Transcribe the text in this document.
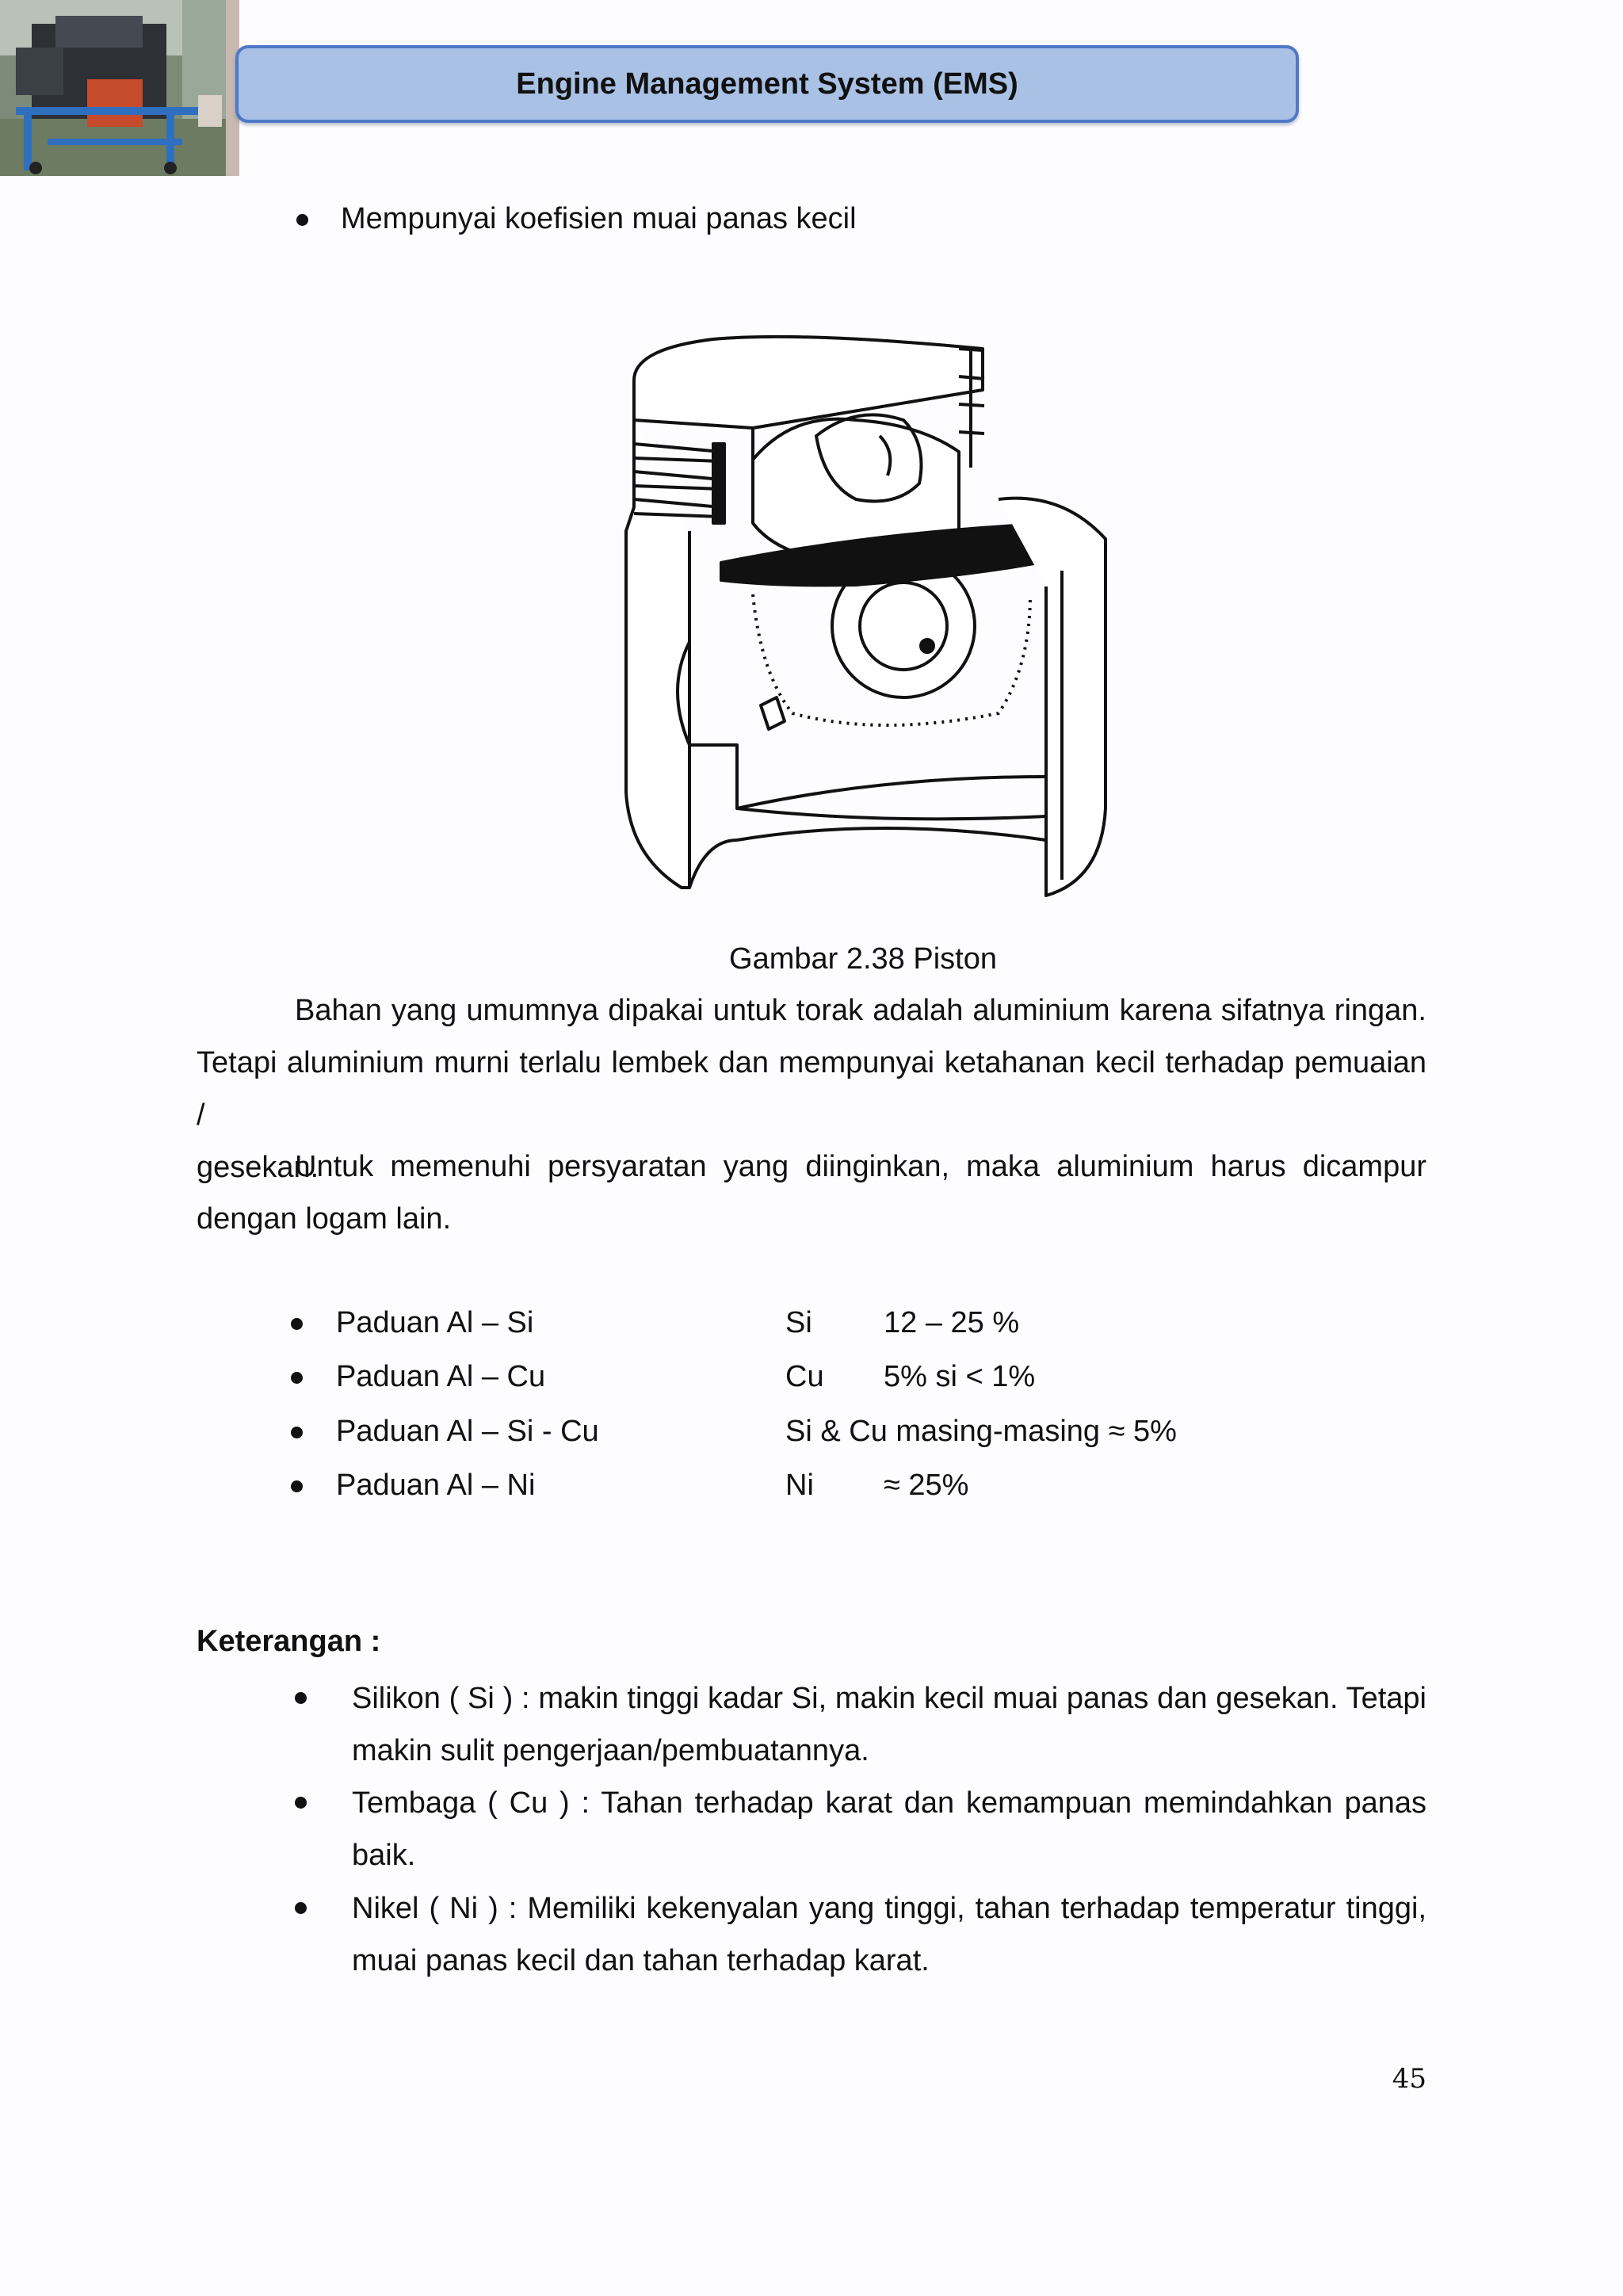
Engine Management System (EMS)
Mempunyai koefisien muai panas kecil
Gambar 2.38 Piston
Bahan yang umumnya dipakai untuk torak adalah aluminium karena sifatnya ringan.
Tetapi aluminium murni terlalu lembek dan mempunyai ketahanan kecil terhadap pemuaian /
gesekan.
Untuk memenuhi persyaratan yang diinginkan, maka aluminium harus dicampur
dengan logam lain.
Paduan Al – Si	Si 12 – 25 %
Paduan Al – Cu	Cu 5% si < 1%
Paduan Al – Si - Cu	Si & Cu masing-masing ≈ 5%
Paduan Al – Ni	Ni ≈ 25%
Keterangan :
Silikon ( Si ) : makin tinggi kadar Si, makin kecil muai panas dan gesekan. Tetapi
makin sulit pengerjaan/pembuatannya.
Tembaga ( Cu ) : Tahan terhadap karat dan kemampuan memindahkan panas
baik.
Nikel ( Ni ) : Memiliki kekenyalan yang tinggi, tahan terhadap temperatur tinggi,
muai panas kecil dan tahan terhadap karat.
45
